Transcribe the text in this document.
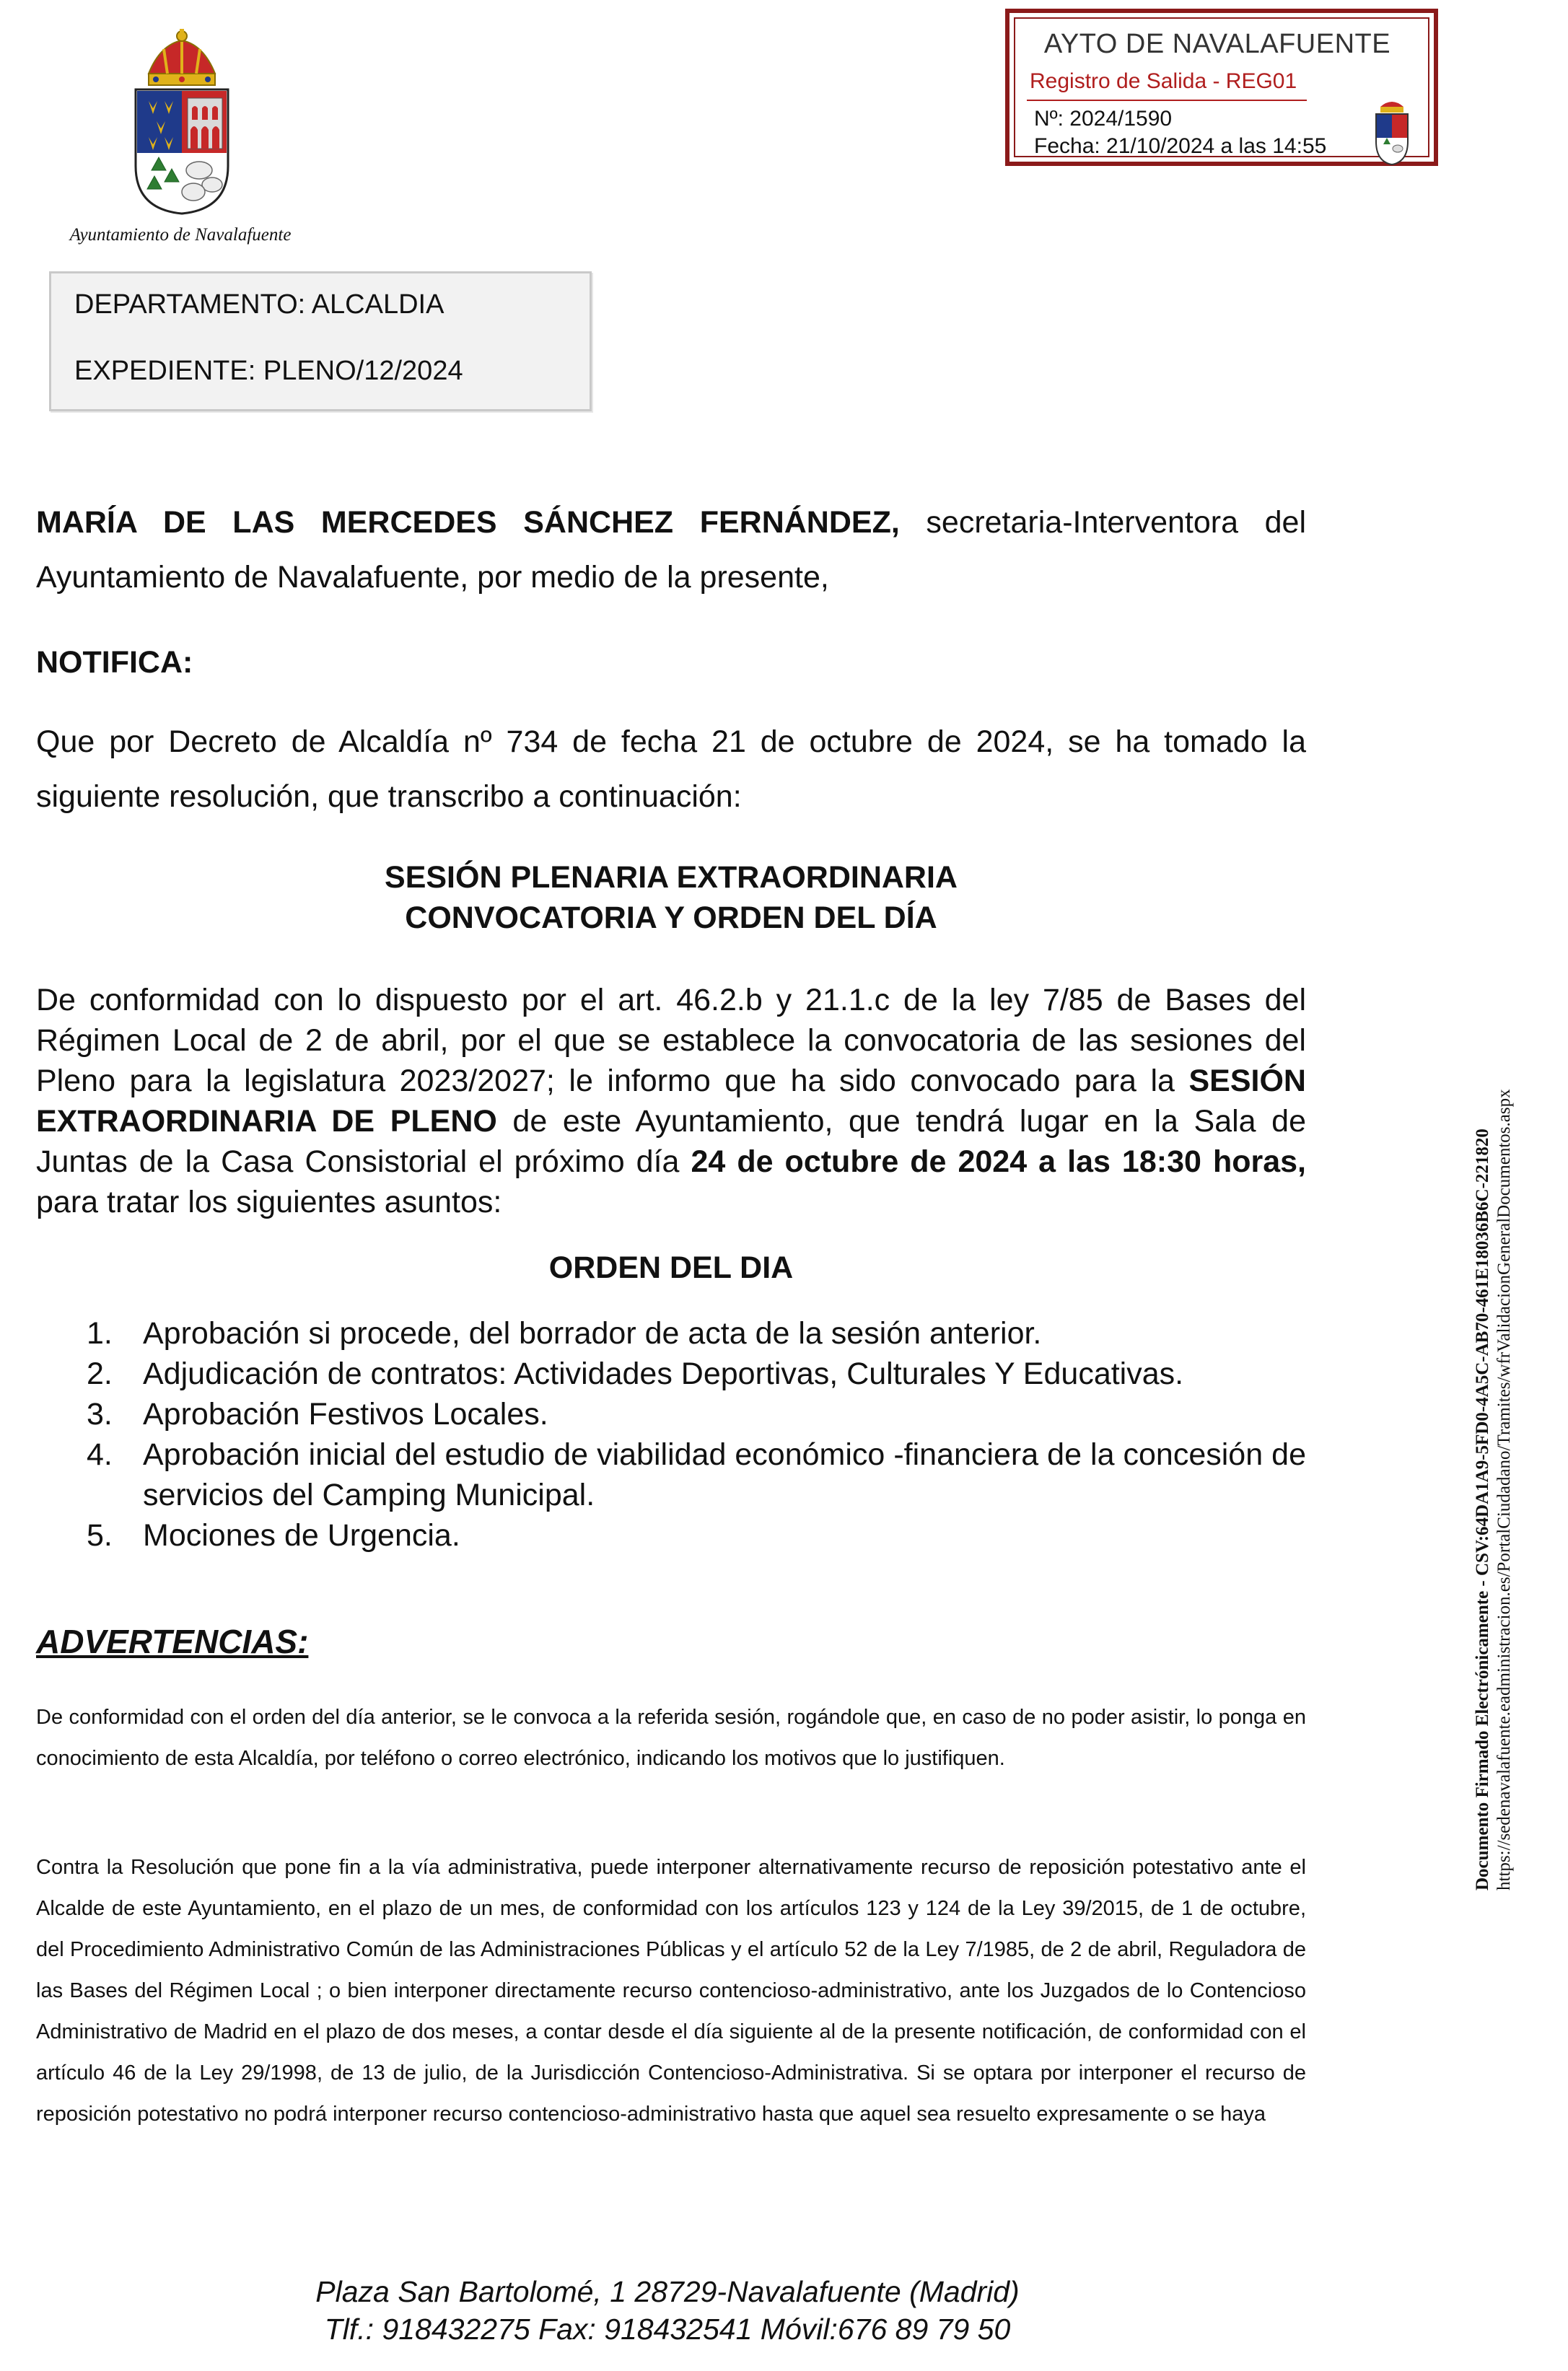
Ayuntamiento de Navalafuente
AYTO DE NAVALAFUENTE
Registro de Salida - REG01
Nº: 2024/1590
Fecha: 21/10/2024 a las 14:55
DEPARTAMENTO: ALCALDIA
EXPEDIENTE: PLENO/12/2024
MARÍA DE LAS MERCEDES SÁNCHEZ FERNÁNDEZ, secretaria-Interventora del Ayuntamiento de Navalafuente, por medio de la presente,
NOTIFICA:
Que por Decreto de Alcaldía nº 734 de fecha 21 de octubre de 2024, se ha tomado la siguiente resolución, que transcribo a continuación:
SESIÓN PLENARIA EXTRAORDINARIA
CONVOCATORIA Y ORDEN DEL DÍA
De conformidad con lo dispuesto por el art. 46.2.b y 21.1.c de la ley 7/85 de Bases del Régimen Local de 2 de abril, por el que se establece la convocatoria de las sesiones del Pleno para la legislatura 2023/2027; le informo que ha sido convocado para la SESIÓN EXTRAORDINARIA DE PLENO de este Ayuntamiento, que tendrá lugar en la Sala de Juntas de la Casa Consistorial el próximo día 24 de octubre de 2024 a las 18:30 horas, para tratar los siguientes asuntos:
ORDEN DEL DIA
1. Aprobación si procede, del borrador de acta de la sesión anterior.
2. Adjudicación de contratos: Actividades Deportivas, Culturales Y Educativas.
3. Aprobación Festivos Locales.
4. Aprobación inicial del estudio de viabilidad económico -financiera de la concesión de servicios del Camping Municipal.
5. Mociones de Urgencia.
ADVERTENCIAS:
De conformidad con el orden del día anterior, se le convoca a la referida sesión, rogándole que, en caso de no poder asistir, lo ponga en conocimiento de esta Alcaldía, por teléfono o correo electrónico, indicando los motivos que lo justifiquen.
Contra la Resolución que pone fin a la vía administrativa, puede interponer alternativamente recurso de reposición potestativo ante el Alcalde de este Ayuntamiento, en el plazo de un mes, de conformidad con los artículos 123 y 124 de la Ley 39/2015, de 1 de octubre, del Procedimiento Administrativo Común de las Administraciones Públicas y el artículo 52 de la Ley 7/1985, de 2 de abril, Reguladora de las Bases del Régimen Local ; o bien interponer directamente recurso contencioso-administrativo, ante los Juzgados de lo Contencioso Administrativo de Madrid en el plazo de dos meses, a contar desde el día siguiente al de la presente notificación, de conformidad con el artículo 46 de la Ley 29/1998, de 13 de julio, de la Jurisdicción Contencioso-Administrativa. Si se optara por interponer el recurso de reposición potestativo no podrá interponer recurso contencioso-administrativo hasta que aquel sea resuelto expresamente o se haya
Plaza San Bartolomé, 1 28729-Navalafuente (Madrid)
Tlf.: 918432275 Fax: 918432541 Móvil:676 89 79 50
Documento Firmado Electrónicamente - CSV:64DA1A9-5FD0-4A5C-AB70-461E18036B6C-221820 https://sedenavalafuente.eadministracion.es/PortalCiudadano/Tramites/wfrValidacionGeneralDocumentos.aspx
